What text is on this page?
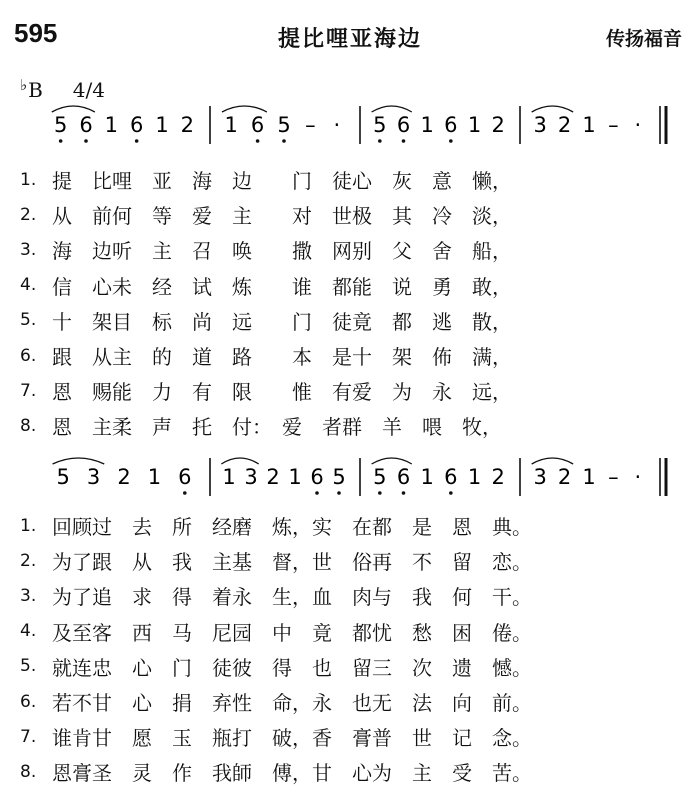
595	提比哩亚海边	传扬福音
♭B 4/4
5 6 1 6 1 2 1 6 5 – · 5 6 1 6 1 2 3 2 1 – ·
1. 提　比哩　亚　海　边　　门　徒心　灰　意　懒，
2. 从　前何　等　爱　主　　对　世极　其　冷　淡，
3. 海　边听　主　召　唤　　撒　网别　父　舍　船，
4. 信　心未　经　试　炼　　谁　都能　说　勇　敢，
5. 十　架目　标　尚　远　　门　徒竟　都　逃　散，
6. 跟　从主　的　道　路　　本　是十　架　佈　满，
7. 恩　赐能　力　有　限　　惟　有爱　为　永　远，
8. 恩　主柔　声　托　付：　爱　者群　羊　喂　牧，
5 3 2 1 6 1 3 2 1 6 5 5 6 1 6 1 2 3 2 1 – ·
1. 回顾过　去　所　经磨　炼，实　在都　是　恩　典。
2. 为了跟　从　我　主基　督，世　俗再　不　留　恋。
3. 为了追　求　得　着永　生，血　肉与　我　何　干。
4. 及至客　西　马　尼园　中　竟　都忧　愁　困　倦。
5. 就连忠　心　门　徒彼　得　也　留三　次　遗　憾。
6. 若不甘　心　捐　弃性　命，永　也无　法　向　前。
7. 谁肯甘　愿　玉　瓶打　破，香　膏普　世　记　念。
8. 恩膏圣　灵　作　我師　傅，甘　心为　主　受　苦。
